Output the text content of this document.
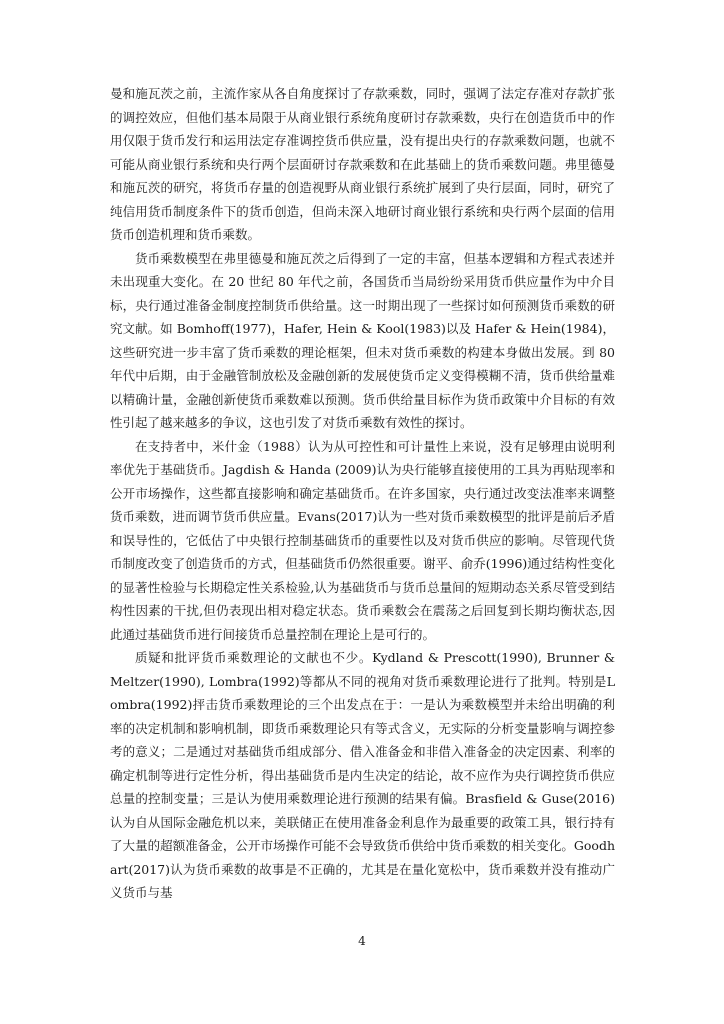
曼和施瓦茨之前，主流作家从各自角度探讨了存款乘数，同时，强调了法定存准对存款扩张的调控效应，但他们基本局限于从商业银行系统角度研讨存款乘数，央行在创造货币中的作用仅限于货币发行和运用法定存准调控货币供应量，没有提出央行的存款乘数问题，也就不可能从商业银行系统和央行两个层面研讨存款乘数和在此基础上的货币乘数问题。弗里德曼和施瓦茨的研究，将货币存量的创造视野从商业银行系统扩展到了央行层面，同时，研究了纯信用货币制度条件下的货币创造，但尚未深入地研讨商业银行系统和央行两个层面的信用货币创造机理和货币乘数。

货币乘数模型在弗里德曼和施瓦茨之后得到了一定的丰富，但基本逻辑和方程式表述并未出现重大变化。在 20 世纪 80 年代之前，各国货币当局纷纷采用货币供应量作为中介目标，央行通过准备金制度控制货币供给量。这一时期出现了一些探讨如何预测货币乘数的研究文献。如 Bomhoff(1977)，Hafer, Hein & Kool(1983)以及 Hafer & Hein(1984)，这些研究进一步丰富了货币乘数的理论框架，但未对货币乘数的构建本身做出发展。到 80 年代中后期，由于金融管制放松及金融创新的发展使货币定义变得模糊不清，货币供给量难以精确计量，金融创新使货币乘数难以预测。货币供给量目标作为货币政策中介目标的有效性引起了越来越多的争议，这也引发了对货币乘数有效性的探讨。

在支持者中，米什金（1988）认为从可控性和可计量性上来说，没有足够理由说明利率优先于基础货币。Jagdish & Handa (2009)认为央行能够直接使用的工具为再贴现率和公开市场操作，这些都直接影响和确定基础货币。在许多国家，央行通过改变法准率来调整货币乘数，进而调节货币供应量。Evans(2017)认为一些对货币乘数模型的批评是前后矛盾和误导性的，它低估了中央银行控制基础货币的重要性以及对货币供应的影响。尽管现代货币制度改变了创造货币的方式，但基础货币仍然很重要。谢平、俞乔(1996)通过结构性变化的显著性检验与长期稳定性关系检验,认为基础货币与货币总量间的短期动态关系尽管受到结构性因素的干扰,但仍表现出相对稳定状态。货币乘数会在震荡之后回复到长期均衡状态,因此通过基础货币进行间接货币总量控制在理论上是可行的。

质疑和批评货币乘数理论的文献也不少。Kydland & Prescott(1990), Brunner & Meltzer(1990), Lombra(1992)等都从不同的视角对货币乘数理论进行了批判。特别是Lombra(1992)抨击货币乘数理论的三个出发点在于：一是认为乘数模型并未给出明确的利率的决定机制和影响机制，即货币乘数理论只有等式含义，无实际的分析变量影响与调控参考的意义；二是通过对基础货币组成部分、借入准备金和非借入准备金的决定因素、利率的确定机制等进行定性分析，得出基础货币是内生决定的结论，故不应作为央行调控货币供应总量的控制变量；三是认为使用乘数理论进行预测的结果有偏。Brasfield & Guse(2016)认为自从国际金融危机以来，美联储正在使用准备金利息作为最重要的政策工具，银行持有了大量的超额准备金，公开市场操作可能不会导致货币供给中货币乘数的相关变化。Goodhart(2017)认为货币乘数的故事是不正确的，尤其是在量化宽松中，货币乘数并没有推动广义货币与基

4
